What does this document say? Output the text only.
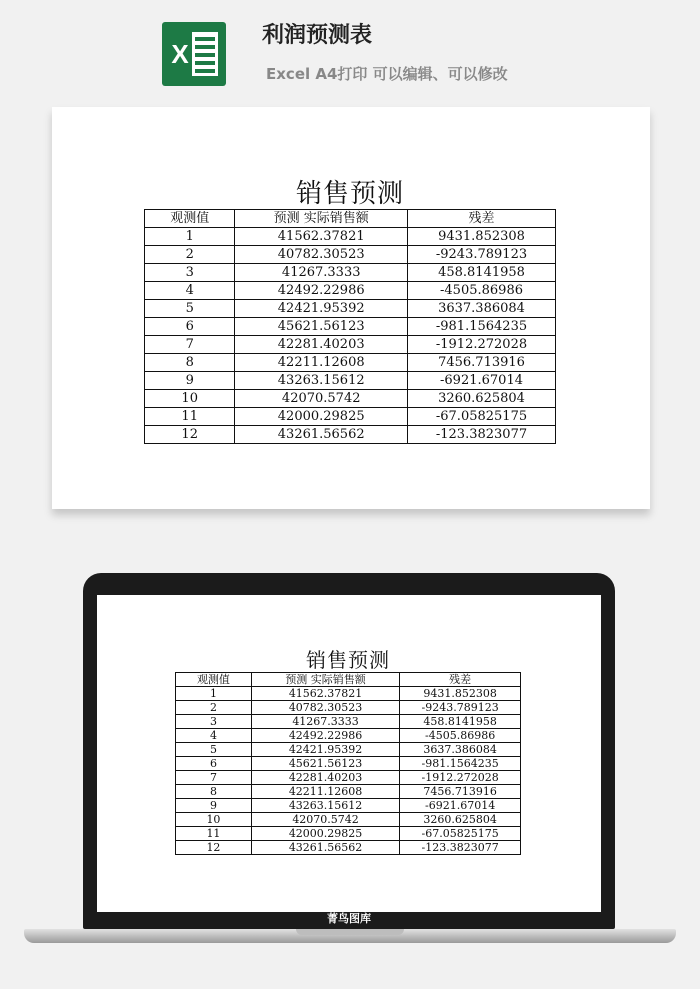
X
利润预测表
Excel A4打印 可以编辑、可以修改
销售预测
观测值	预测 实际销售额	残差
1	41562.37821	9431.852308
2	40782.30523	-9243.789123
3	41267.3333	458.8141958
4	42492.22986	-4505.86986
5	42421.95392	3637.386084
6	45621.56123	-981.1564235
7	42281.40203	-1912.272028
8	42211.12608	7456.713916
9	43263.15612	-6921.67014
10	42070.5742	3260.625804
11	42000.29825	-67.05825175
12	43261.56562	-123.3823077
销售预测
观测值	预测 实际销售额	残差
1	41562.37821	9431.852308
2	40782.30523	-9243.789123
3	41267.3333	458.8141958
4	42492.22986	-4505.86986
5	42421.95392	3637.386084
6	45621.56123	-981.1564235
7	42281.40203	-1912.272028
8	42211.12608	7456.713916
9	43263.15612	-6921.67014
10	42070.5742	3260.625804
11	42000.29825	-67.05825175
12	43261.56562	-123.3823077
菁鸟图库
